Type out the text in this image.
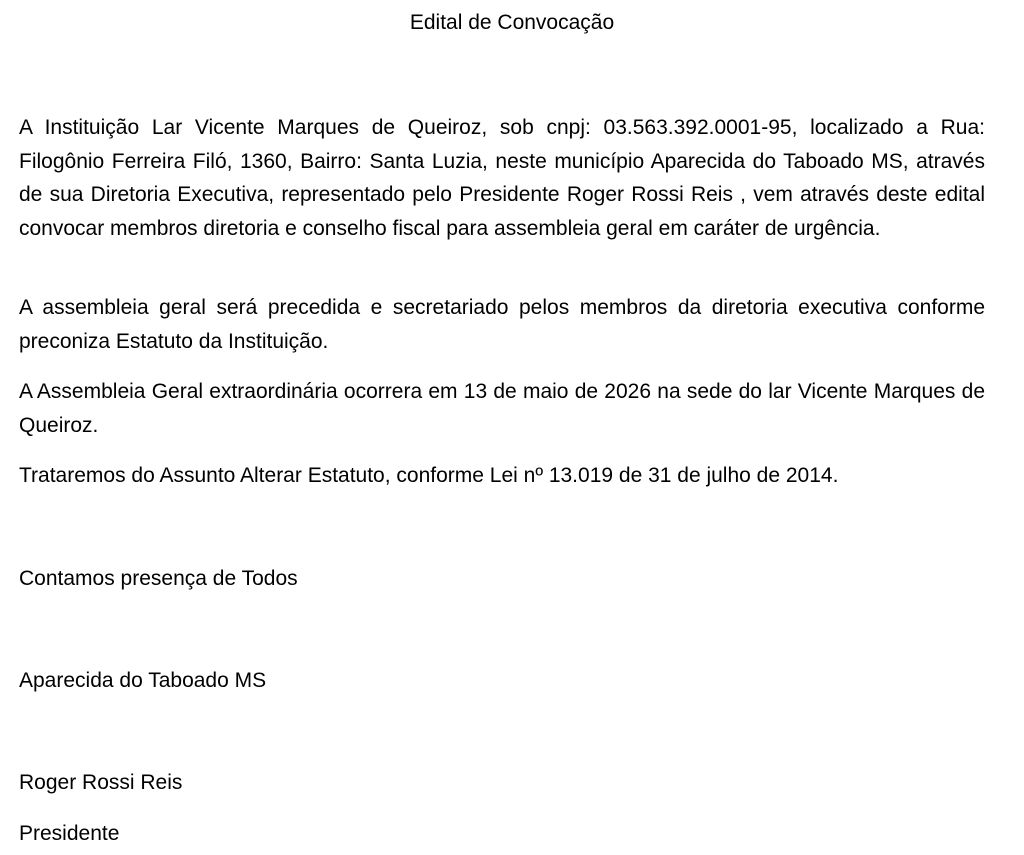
Edital de Convocação
A Instituição Lar Vicente Marques de Queiroz, sob cnpj: 03.563.392.0001-95, localizado a Rua: Filogônio Ferreira Filó, 1360, Bairro: Santa Luzia, neste município Aparecida do Taboado MS, através de sua Diretoria Executiva, representado pelo Presidente Roger Rossi Reis , vem através deste edital convocar membros diretoria e conselho fiscal para assembleia geral em caráter de urgência.
A assembleia geral será precedida e secretariado pelos membros da diretoria executiva conforme preconiza Estatuto da Instituição.
A Assembleia Geral extraordinária ocorrera em 13 de maio de 2026 na sede do lar Vicente Marques de Queiroz.
Trataremos do Assunto Alterar Estatuto, conforme Lei nº 13.019 de 31 de julho de 2014.
Contamos presença de Todos
Aparecida do Taboado MS
Roger Rossi Reis
Presidente
